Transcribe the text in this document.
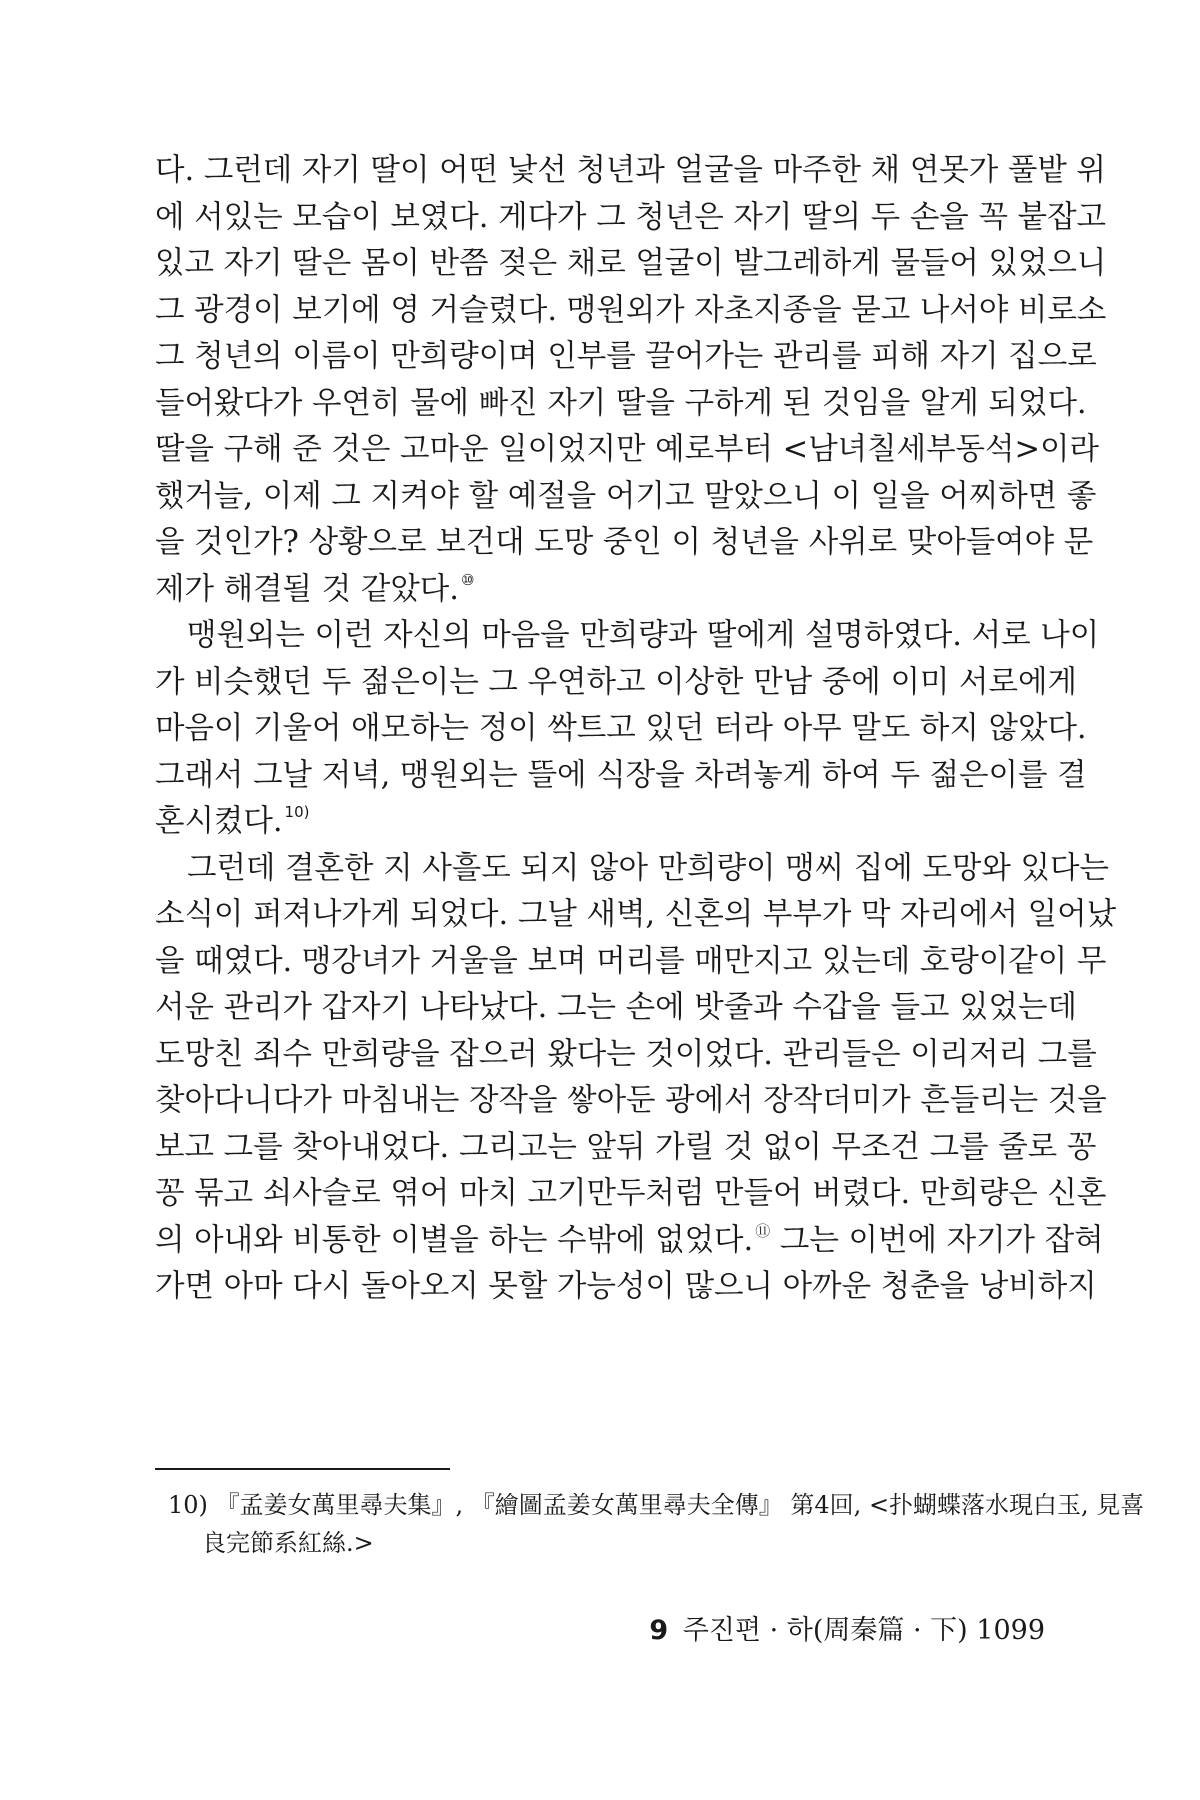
다. 그런데 자기 딸이 어떤 낯선 청년과 얼굴을 마주한 채 연못가 풀밭 위
에 서있는 모습이 보였다. 게다가 그 청년은 자기 딸의 두 손을 꼭 붙잡고
있고 자기 딸은 몸이 반쯤 젖은 채로 얼굴이 발그레하게 물들어 있었으니
그 광경이 보기에 영 거슬렸다. 맹원외가 자초지종을 묻고 나서야 비로소
그 청년의 이름이 만희량이며 인부를 끌어가는 관리를 피해 자기 집으로
들어왔다가 우연히 물에 빠진 자기 딸을 구하게 된 것임을 알게 되었다.
딸을 구해 준 것은 고마운 일이었지만 예로부터 <남녀칠세부동석>이라
했거늘, 이제 그 지켜야 할 예절을 어기고 말았으니 이 일을 어찌하면 좋
을 것인가? 상황으로 보건대 도망 중인 이 청년을 사위로 맞아들여야 문
제가 해결될 것 같았다. ⑩

맹원외는 이런 자신의 마음을 만희량과 딸에게 설명하였다. 서로 나이
가 비슷했던 두 젊은이는 그 우연하고 이상한 만남 중에 이미 서로에게
마음이 기울어 애모하는 정이 싹트고 있던 터라 아무 말도 하지 않았다.
그래서 그날 저녁, 맹원외는 뜰에 식장을 차려놓게 하여 두 젊은이를 결
혼시켰다. $^{10)}$

그런데 결혼한 지 사흘도 되지 않아 만희량이 맹씨 집에 도망와 있다는
소식이 퍼져나가게 되었다. 그날 새벽, 신혼의 부부가 막 자리에서 일어났
을 때였다. 맹강녀가 거울을 보며 머리를 매만지고 있는데 호랑이같이 무
서운 관리가 갑자기 나타났다. 그는 손에 밧줄과 수갑을 들고 있었는데
도망친 죄수 만희량을 잡으러 왔다는 것이었다. 관리들은 이리저리 그를
찾아다니다가 마침내는 장작을 쌓아둔 광에서 장작더미가 흔들리는 것을
보고 그를 찾아내었다. 그리고는 앞뒤 가릴 것 없이 무조건 그를 줄로 꽁
꽁 묶고 쇠사슬로 엮어 마치 고기만두처럼 만들어 버렸다. 만희량은 신혼
의 아내와 비통한 이별을 하는 수밖에 없었다. ⑪ 그는 이번에 자기가 잡혀
가면 아마 다시 돌아오지 못할 가능성이 많으니 아까운 청춘을 낭비하지

10) 『孟姜女萬里尋夫集』, 『繪圖孟姜女萬里尋夫全傳』 第4回, <扑蝴蝶落水現白玉, 見喜
良完節系紅絲.>
9 주진편 · 하(周秦篇 · 下) 1099
